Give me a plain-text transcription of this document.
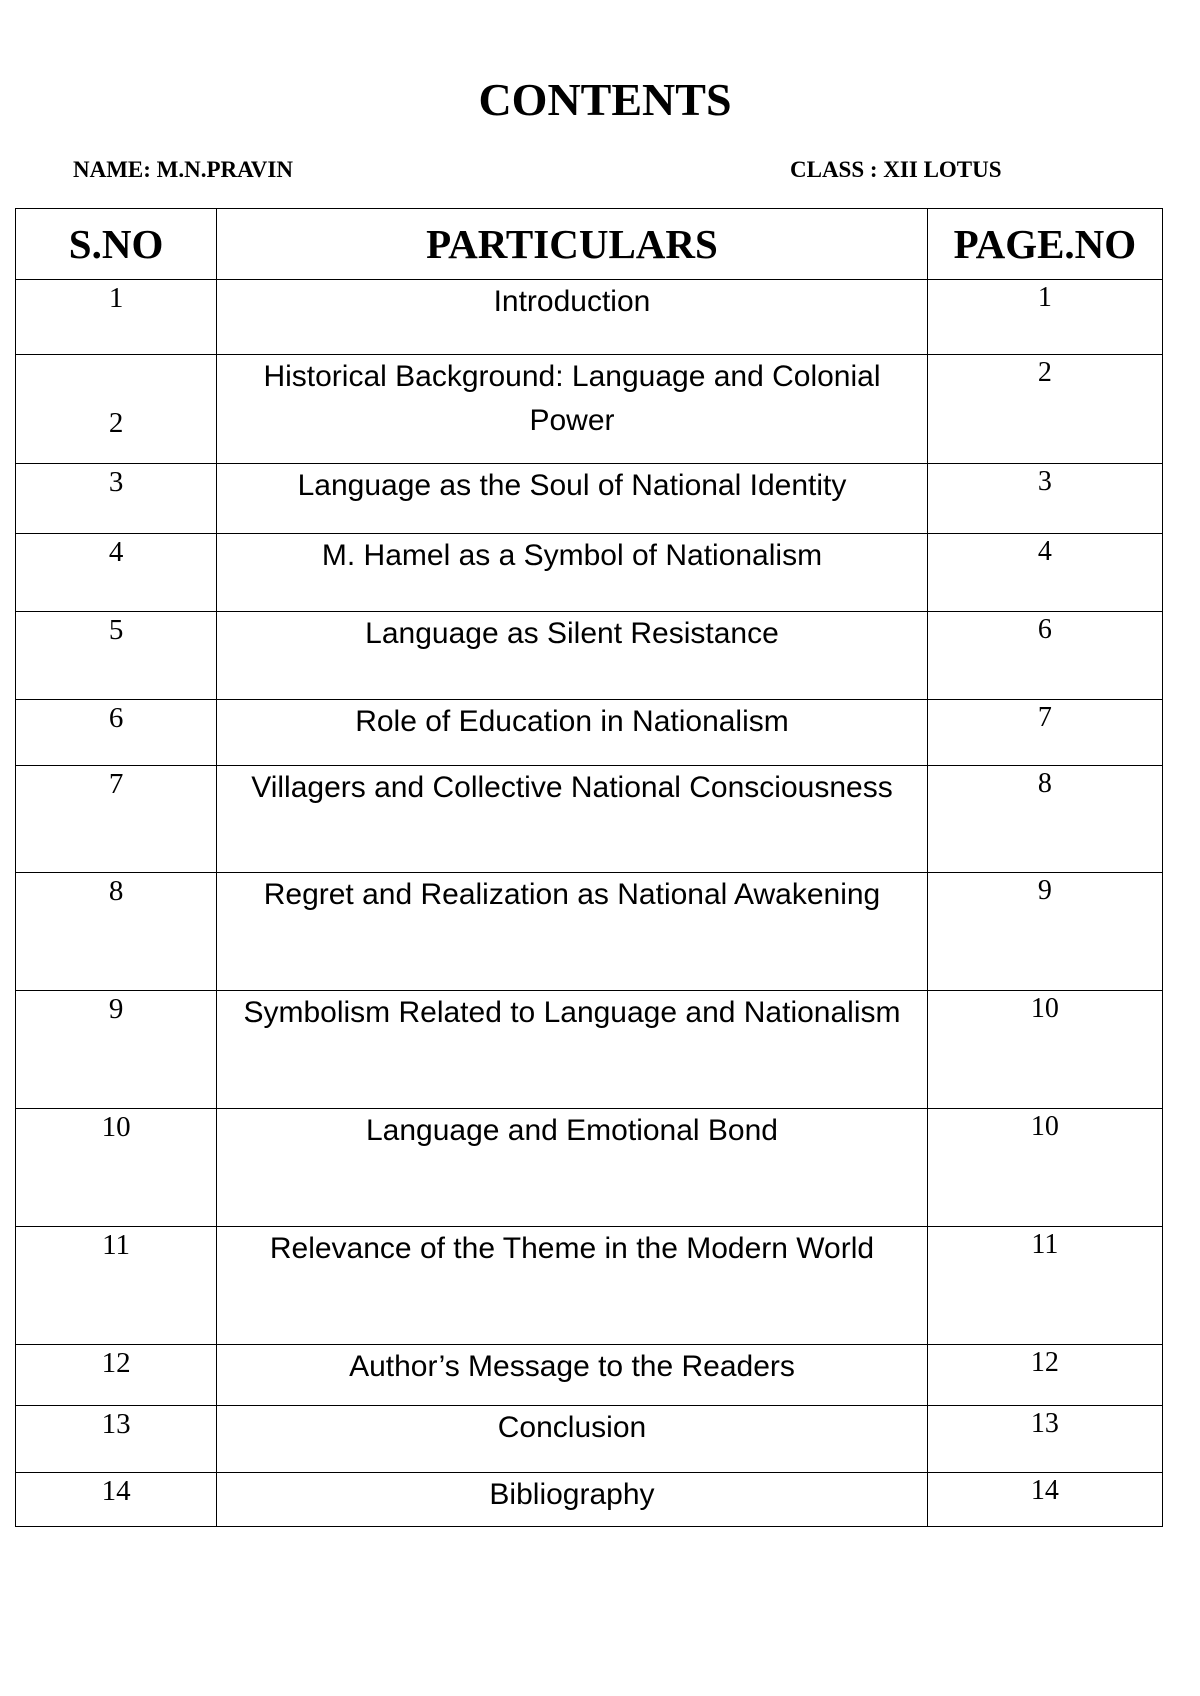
CONTENTS
NAME: M.N.PRAVIN	CLASS : XII LOTUS
S.NO	PARTICULARS	PAGE.NO
1	Introduction	1
2	Historical Background: Language and Colonial Power	2
3	Language as the Soul of National Identity	3
4	M. Hamel as a Symbol of Nationalism	4
5	Language as Silent Resistance	6
6	Role of Education in Nationalism	7
7	Villagers and Collective National Consciousness	8
8	Regret and Realization as National Awakening	9
9	Symbolism Related to Language and Nationalism	10
10	Language and Emotional Bond	10
11	Relevance of the Theme in the Modern World	11
12	Author’s Message to the Readers	12
13	Conclusion	13
14	Bibliography	14
